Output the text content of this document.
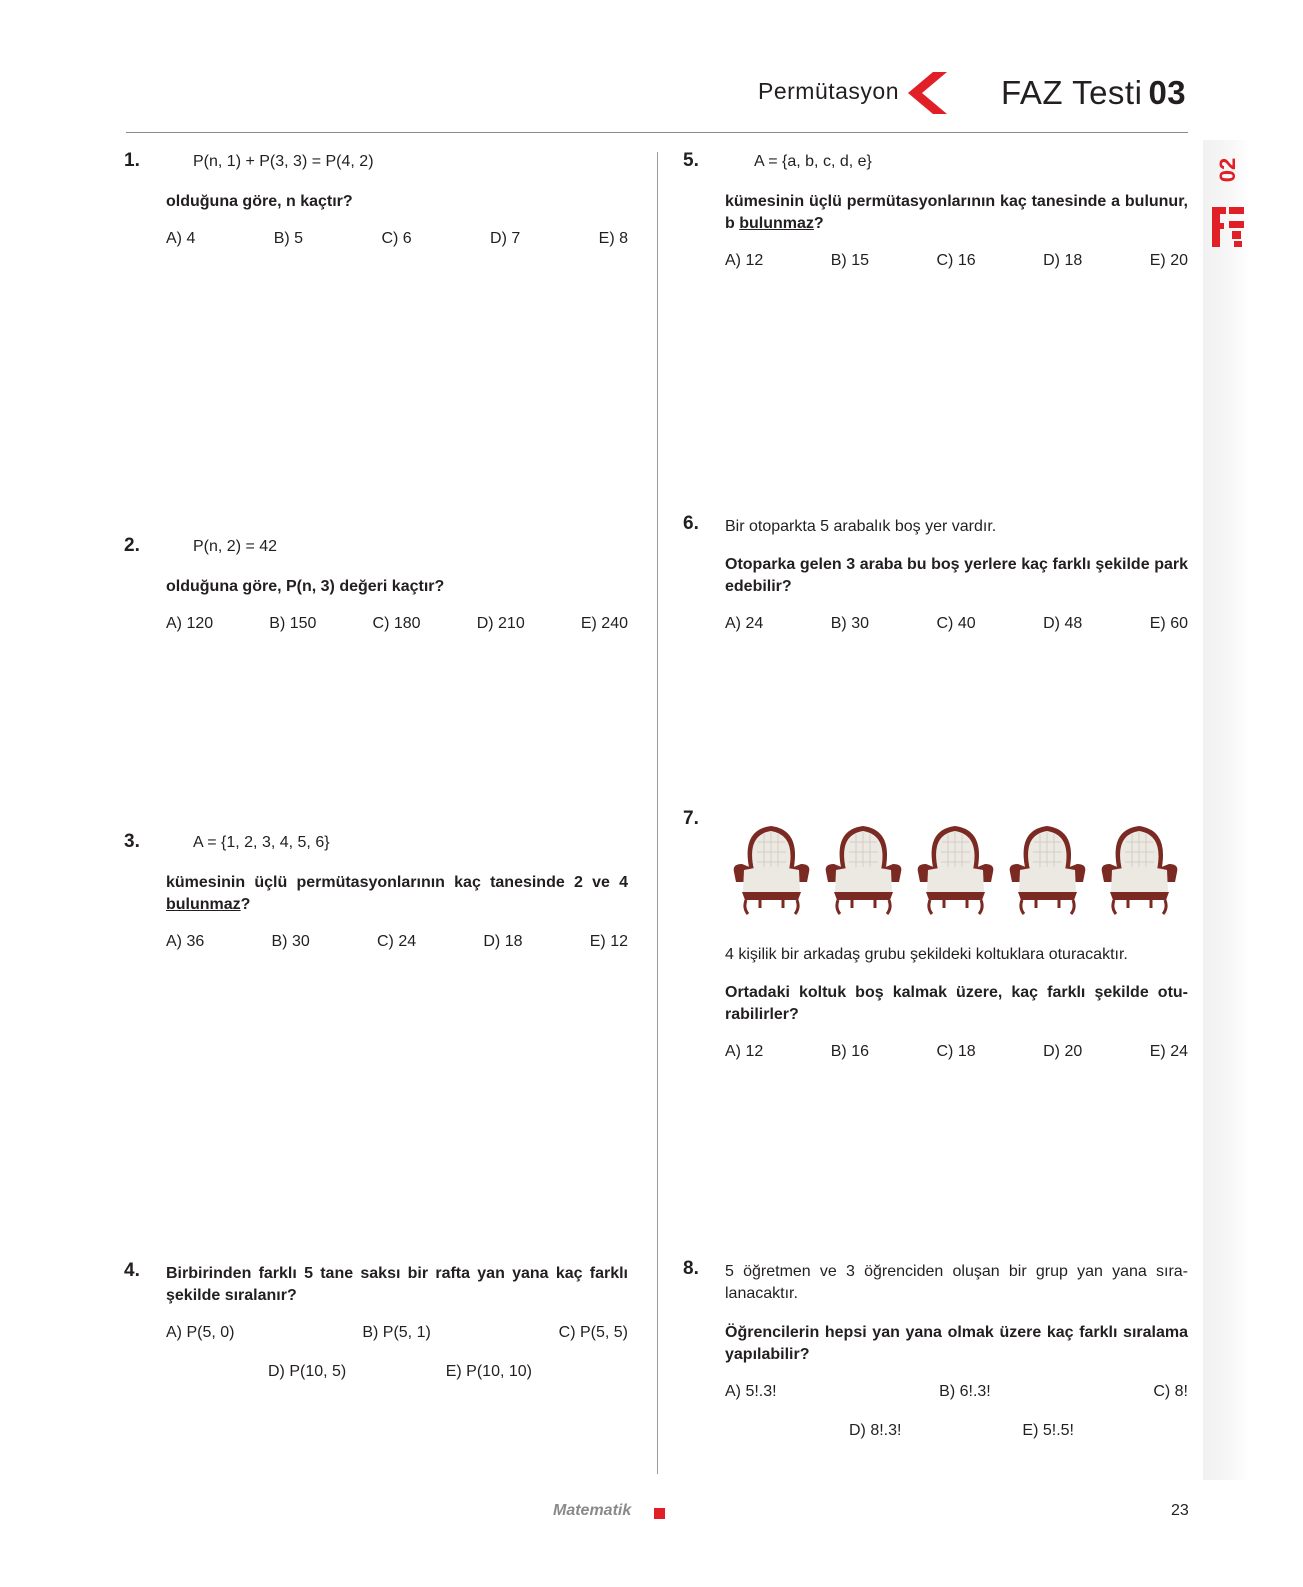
Permütasyon	FAZ Testi 03
02
1.	P(n, 1) + P(3, 3) = P(4, 2)
olduğuna göre, n kaçtır?
A) 4	B) 5	C) 6	D) 7	E) 8
2.	P(n, 2) = 42
olduğuna göre, P(n, 3) değeri kaçtır?
A) 120	B) 150	C) 180	D) 210	E) 240
3.	A = {1, 2, 3, 4, 5, 6}
kümesinin üçlü permütasyonlarının kaç tanesinde 2 ve 4 bulunmaz?
A) 36	B) 30	C) 24	D) 18	E) 12
4. Birbirinden farklı 5 tane saksı bir rafta yan yana kaç farklı şekilde sıralanır?
A) P(5, 0)	B) P(5, 1)	C) P(5, 5)
D) P(10, 5)	E) P(10, 10)
5.	A = {a, b, c, d, e}
kümesinin üçlü permütasyonlarının kaç tanesinde a bulunur, b bulunmaz?
A) 12	B) 15	C) 16	D) 18	E) 20
6. Bir otoparkta 5 arabalık boş yer vardır.
Otoparka gelen 3 araba bu boş yerlere kaç farklı şekilde park edebilir?
A) 24	B) 30	C) 40	D) 48	E) 60
7.
4 kişilik bir arkadaş grubu şekildeki koltuklara oturacaktır.
Ortadaki koltuk boş kalmak üzere, kaç farklı şekilde oturabilirler?
A) 12	B) 16	C) 18	D) 20	E) 24
8. 5 öğretmen ve 3 öğrenciden oluşan bir grup yan yana sıralanacaktır.
Öğrencilerin hepsi yan yana olmak üzere kaç farklı sıralama yapılabilir?
A) 5!.3!	B) 6!.3!	C) 8!
D) 8!.3!	E) 5!.5!
Matematik	23
